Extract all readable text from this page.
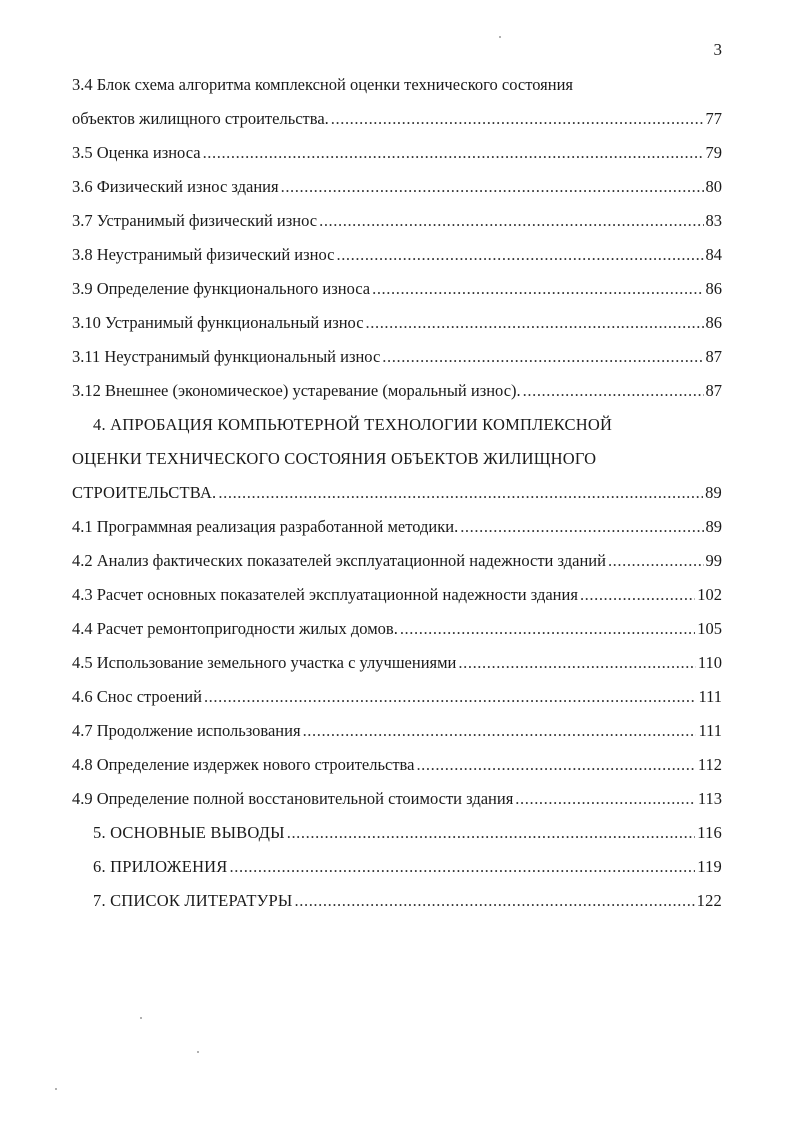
3
3.4 Блок схема алгоритма комплексной оценки технического состояния
объектов жилищного строительства. .....	77
3.5 Оценка износа .....	79
3.6 Физический износ здания .....	80
3.7 Устранимый физический износ .....	83
3.8 Неустранимый физический износ .....	84
3.9 Определение функционального износа .....	86
3.10 Устранимый функциональный износ .....	86
3.11 Неустранимый функциональный износ .....	87
3.12 Внешнее (экономическое) устаревание (моральный износ). .....	87
4. АПРОБАЦИЯ КОМПЬЮТЕРНОЙ ТЕХНОЛОГИИ КОМПЛЕКСНОЙ
ОЦЕНКИ ТЕХНИЧЕСКОГО СОСТОЯНИЯ ОБЪЕКТОВ ЖИЛИЩНОГО
СТРОИТЕЛЬСТВА. .....	89
4.1 Программная реализация разработанной методики. .....	89
4.2 Анализ фактических показателей эксплуатационной надежности зданий .....	99
4.3 Расчет основных показателей эксплуатационной надежности здания .....	102
4.4 Расчет ремонтопригодности жилых домов. .....	105
4.5 Использование земельного участка с улучшениями .....	110
4.6 Снос строений .....	111
4.7 Продолжение использования .....	111
4.8 Определение издержек нового строительства .....	112
4.9 Определение полной восстановительной стоимости здания .....	113
5. ОСНОВНЫЕ ВЫВОДЫ .....	116
6. ПРИЛОЖЕНИЯ .....	119
7. СПИСОК ЛИТЕРАТУРЫ .....	122
